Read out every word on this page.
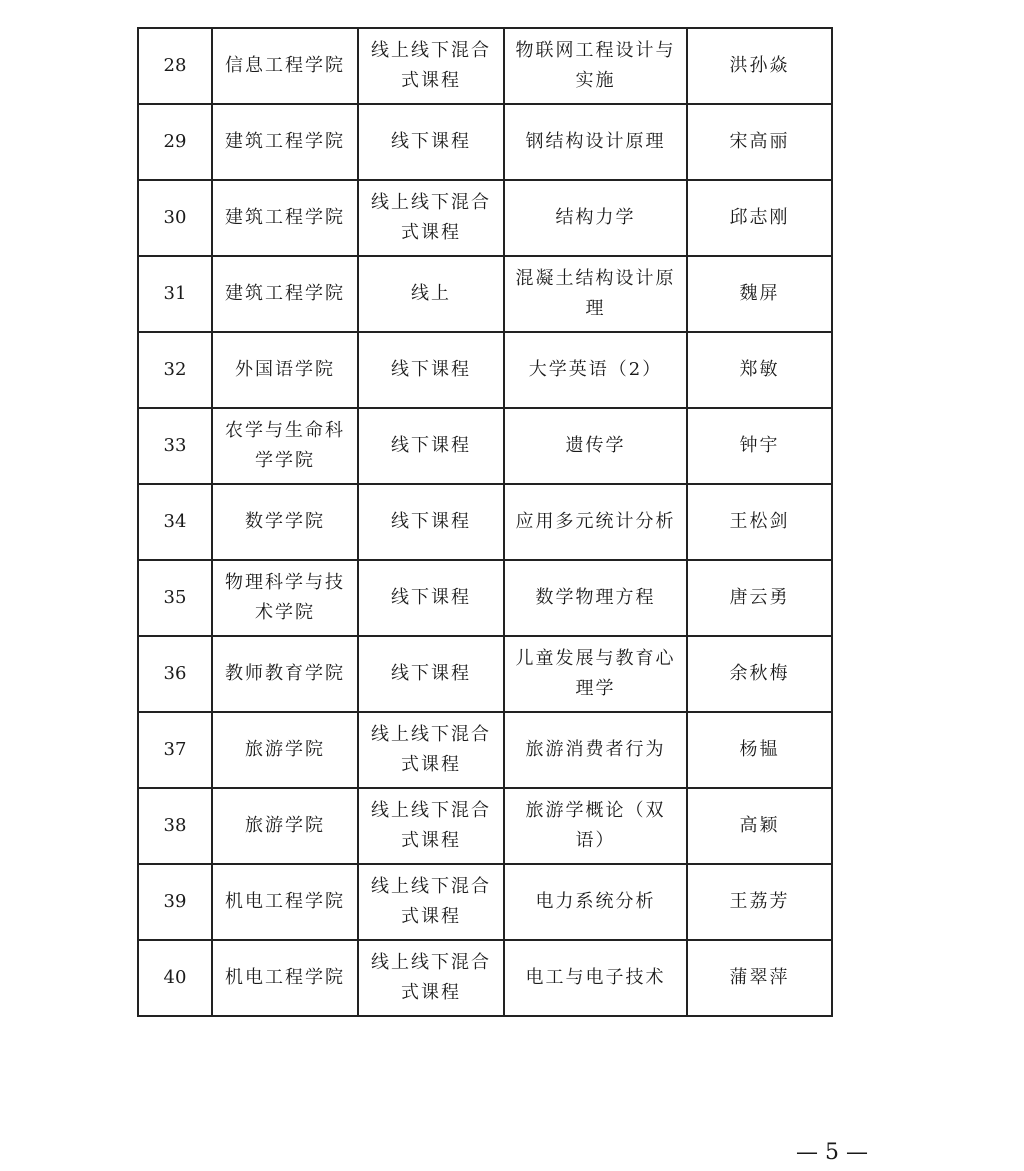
28	信息工程学院	线上线下混合式课程	物联网工程设计与实施	洪孙焱
29	建筑工程学院	线下课程	钢结构设计原理	宋高丽
30	建筑工程学院	线上线下混合式课程	结构力学	邱志刚
31	建筑工程学院	线上	混凝土结构设计原理	魏屏
32	外国语学院	线下课程	大学英语（2）	郑敏
33	农学与生命科学学院	线下课程	遗传学	钟宇
34	数学学院	线下课程	应用多元统计分析	王松剑
35	物理科学与技术学院	线下课程	数学物理方程	唐云勇
36	教师教育学院	线下课程	儿童发展与教育心理学	余秋梅
37	旅游学院	线上线下混合式课程	旅游消费者行为	杨韫
38	旅游学院	线上线下混合式课程	旅游学概论（双语）	高颖
39	机电工程学院	线上线下混合式课程	电力系统分析	王荔芳
40	机电工程学院	线上线下混合式课程	电工与电子技术	蒲翠萍
— 5 —
